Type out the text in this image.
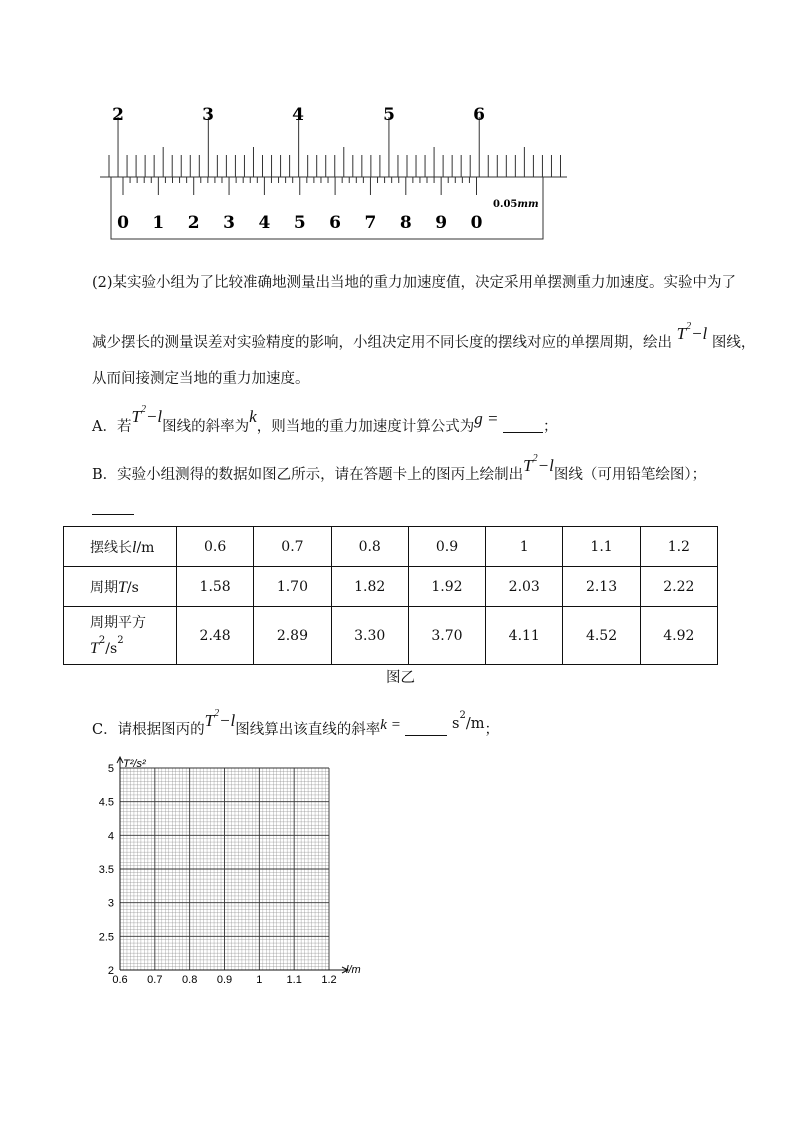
2	3	4	5	6
0 1 2 3 4 5 6 7 8 9 0
0.05mm
(2)某实验小组为了比较准确地测量出当地的重力加速度值，决定采用单摆测重力加速度。实验中为了
减少摆长的测量误差对实验精度的影响，小组决定用不同长度的摆线对应的单摆周期，绘出 $T^2-l$ 图线，
从而间接测定当地的重力加速度。
A．若$T^2-l$图线的斜率为k，则当地的重力加速度计算公式为g =	；
B．实验小组测得的数据如图乙所示，请在答题卡上的图丙上绘制出$T^2-l$图线（可用铅笔绘图）；
摆线长l/m	0.6	0.7	0.8	0.9	1	1.1	1.2
周期T/s	1.58	1.70	1.82	1.92	2.03	2.13	2.22
周期平方
$T^2/s^2$	2.48	2.89	3.30	3.70	4.11	4.52	4.92
图乙
C．请根据图丙的$T^2-l$图线算出该直线的斜率k =	$s^2/m$；
5
4.5
4
3.5
3
2.5
2
0.6 0.7 0.8 0.9 1 1.1 1.2
T²/s²
l/m
